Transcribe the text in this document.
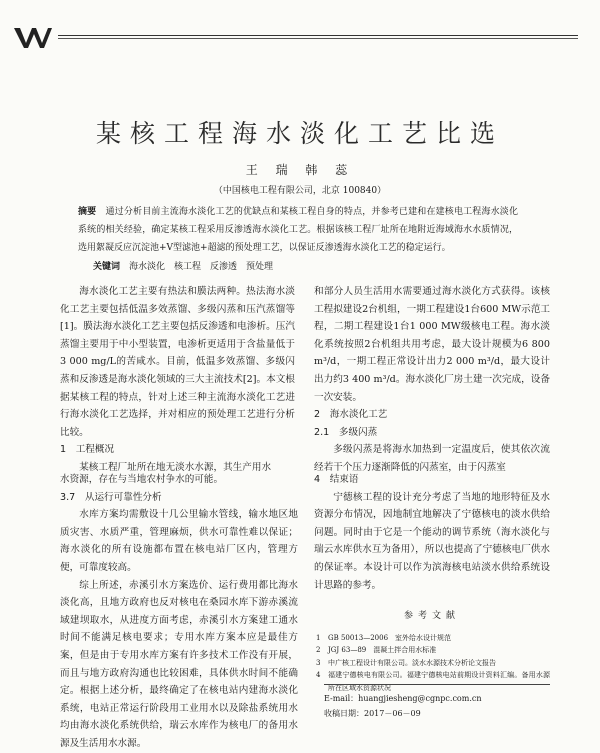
某核工程海水淡化工艺比选
王 瑞 韩 蕊
（中国核电工程有限公司，北京 100840）
摘要　 通过分析目前主流海水淡化工艺的优缺点和某核工程自身的特点，并参考已建和在建核电工程海水淡化系统的相关经验，确定某核工程采用反渗透海水淡化工艺。根据该核工程厂址所在地附近海域海水水质情况，选用絮凝反应沉淀池+V型滤池+超滤的预处理工艺，以保证反渗透海水淡化工艺的稳定运行。
关键词　 海水淡化　核工程　反渗透　预处理

海水淡化工艺主要有热法和膜法两种。热法海水淡化工艺主要包括低温多效蒸馏、多级闪蒸和压汽蒸馏等[1]。膜法海水淡化工艺主要包括反渗透和电渗析。压汽蒸馏主要用于中小型装置，电渗析更适用于含盐量低于3 000 mg/L的苦咸水。目前，低温多效蒸馏、多级闪蒸和反渗透是海水淡化领域的三大主流技术[2]。本文根据某核工程的特点，针对上述三种主流海水淡化工艺进行海水淡化工艺选择，并对相应的预处理工艺进行分析比较。

1　工程概况

某核工程厂址所在地无淡水水源，其生产用水

和部分人员生活用水需要通过海水淡化方式获得。该核工程拟建设2台机组，一期工程建设1台600 MW示范工程，二期工程建设1台1 000 MW级核电工程。海水淡化系统按照2台机组共用考虑，最大设计规模为6 800 m³/d，一期工程正常设计出力2 000 m³/d，最大设计出力约3 400 m³/d。海水淡化厂房土建一次完成，设备一次安装。

2　海水淡化工艺

2.1　多级闪蒸

多级闪蒸是将海水加热到一定温度后，使其依次流经若干个压力逐渐降低的闪蒸室，由于闪蒸室

水资源，存在与当地农村争水的可能。

3.7　从运行可靠性分析

水库方案均需敷设十几公里输水管线，输水地区地质灾害、水质严重，管理麻烦，供水可靠性难以保证；海水淡化的所有设施都布置在核电站厂区内，管理方便，可靠度较高。

综上所述，赤溪引水方案选价、运行费用都比海水淡化高，且地方政府也反对核电在桑园水库下游赤溪流域建坝取水，从进度方面考虑，赤溪引水方案建工通水时间不能满足核电要求；专用水库方案本应是最佳方案，但是由于专用水库方案有许多技术工作没有开展，而且与地方政府沟通也比较困难，具体供水时间不能确定。根据上述分析，最终确定了在核电站内建海水淡化系统，电站正常运行阶段用工业用水以及除盐系统用水均由海水淡化系统供给，瑞云水库作为核电厂的备用水源及生活用水水源。

4　结束语

宁德核工程的设计充分考虑了当地的地形特征及水资源分布情况，因地制宜地解决了宁德核电的淡水供给问题。同时由于它是一个能动的调节系统（海水淡化与瑞云水库供水互为备用），所以也提高了宁德核电厂供水的保证率。本设计可以作为滨海核电站淡水供给系统设计思路的参考。

参考文献

1 GB 50013—2006　室外给水设计规范

2 JGJ 63—89　混凝土拌合用水标准

3 中广核工程设计有限公司。淡水水源技术分析论文报告

4 福建宁德核电有限公司。福建宁德核电站前期设计资料汇编。备用水源所在区域水资源状况

E-mail：huangjiesheng@cgnpc.com.cn
收稿日期：2017－06－09
